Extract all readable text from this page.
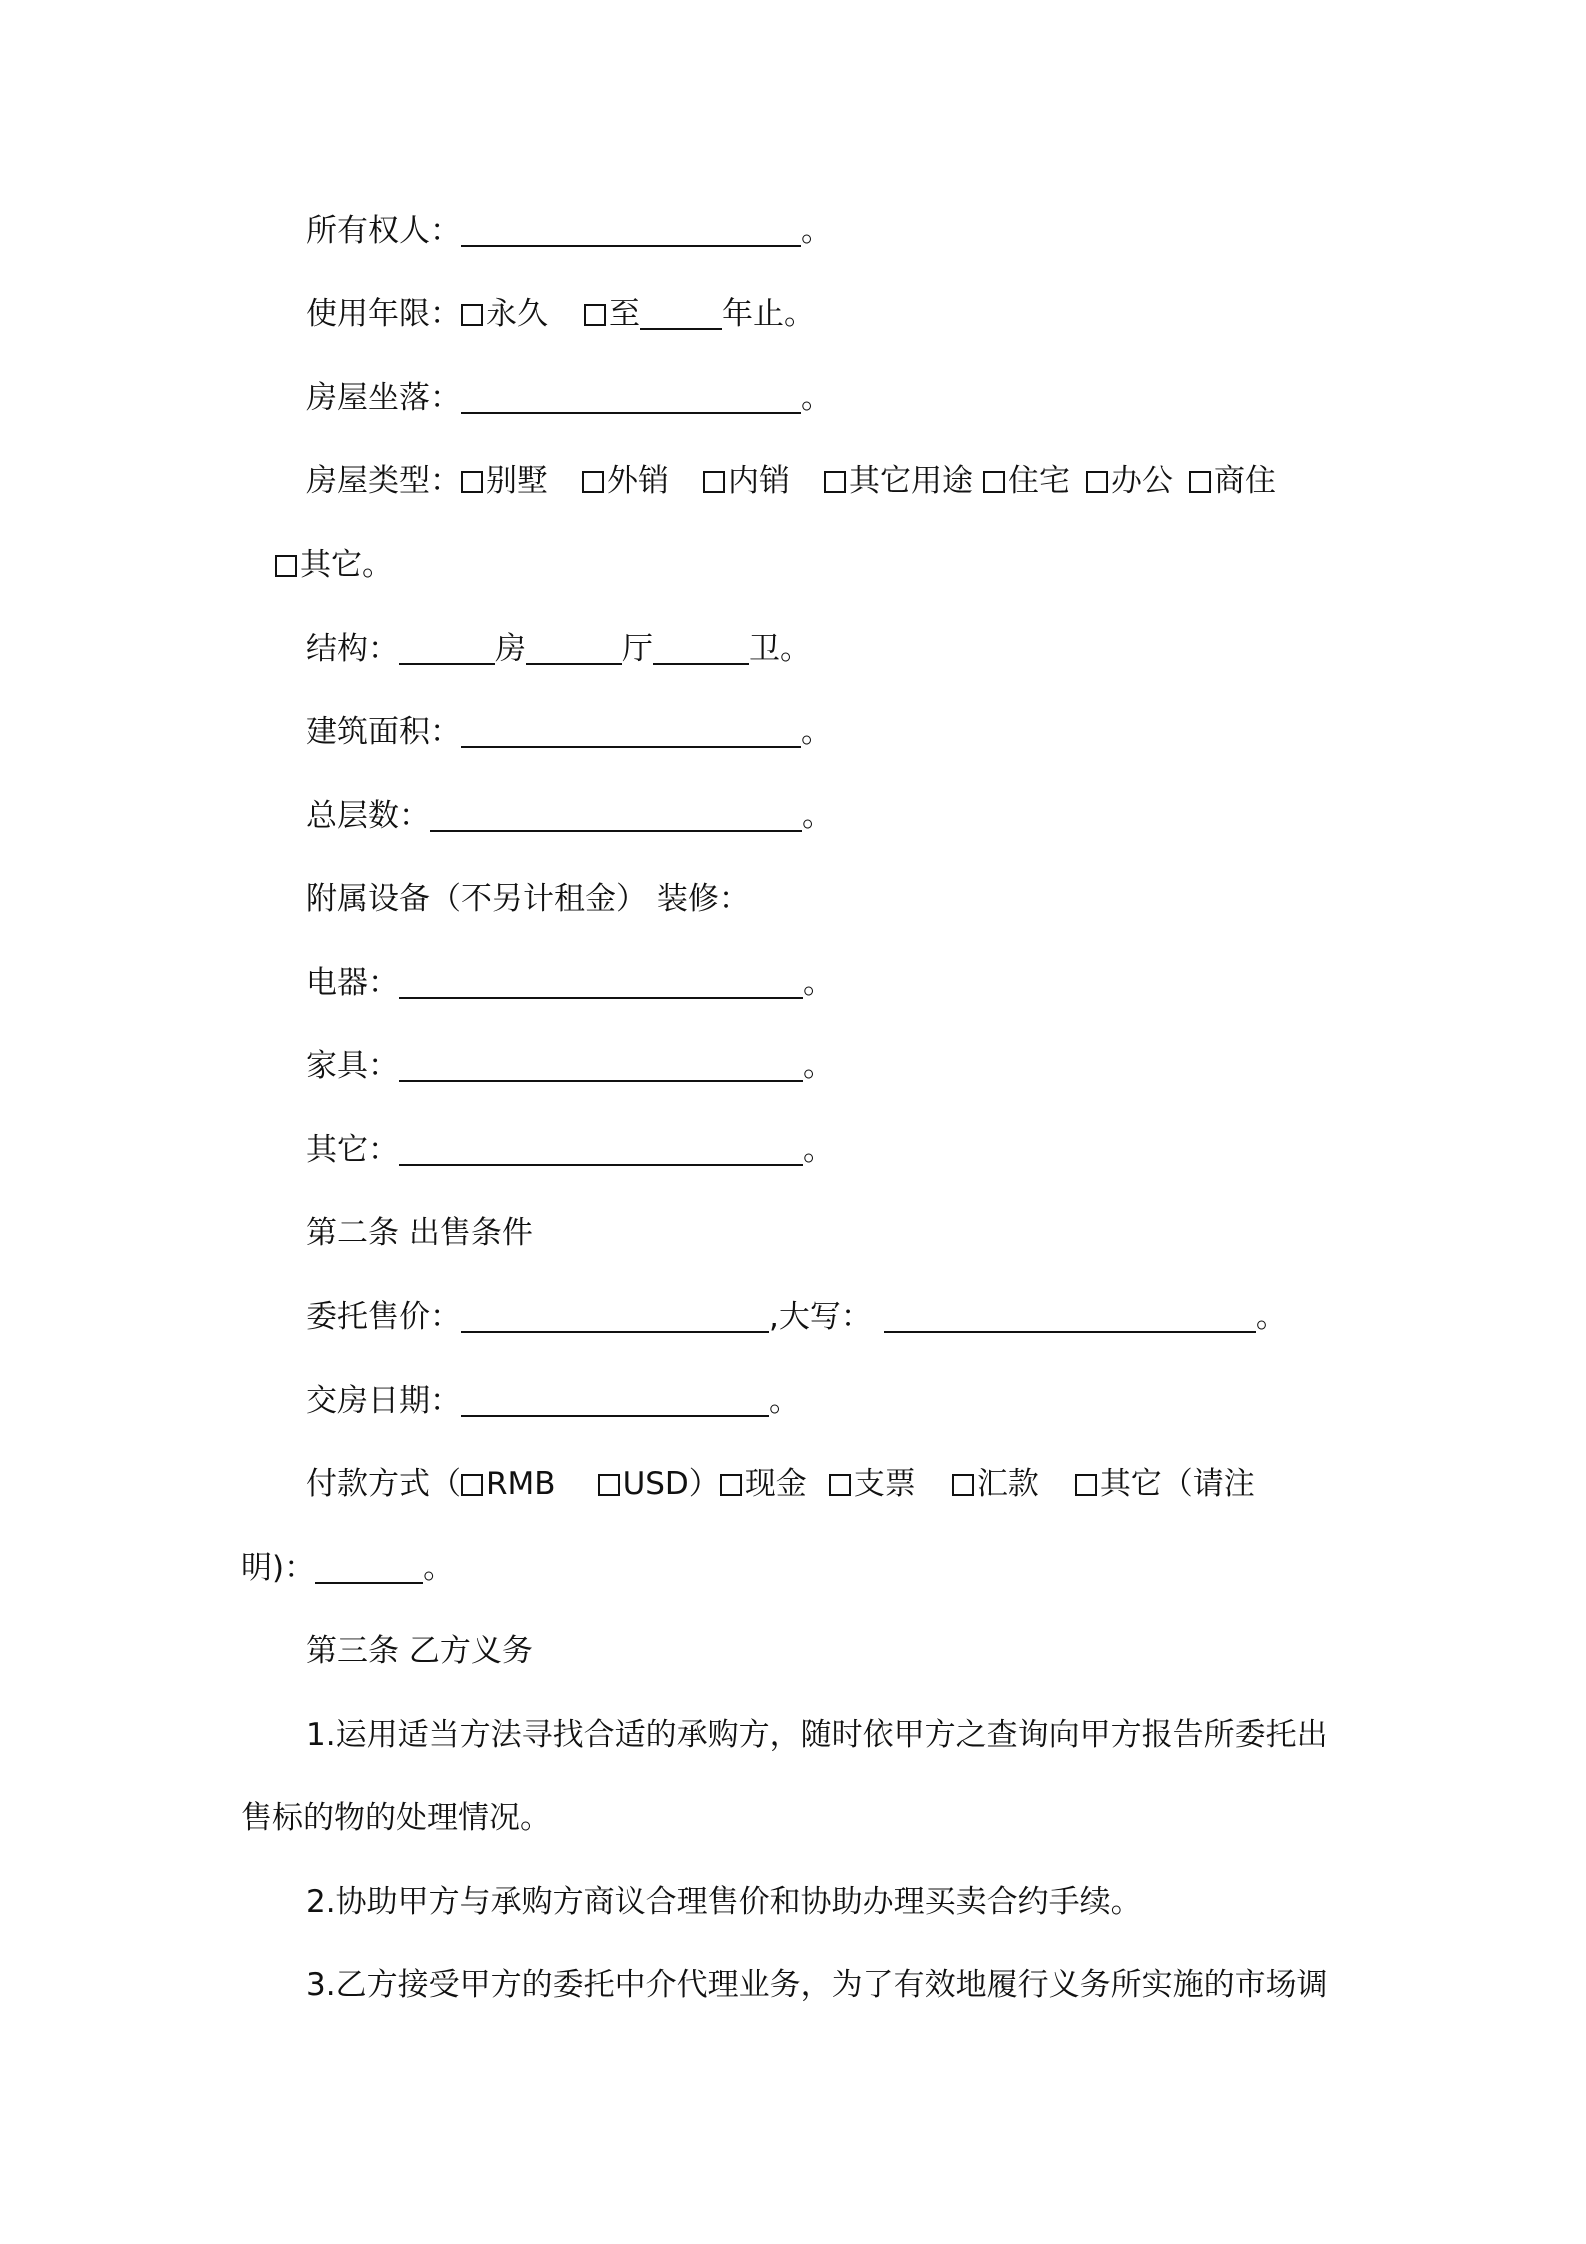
所有权人：	。
使用年限： 永久 至	年止。
房屋坐落：	。
房屋类型： 别墅 外销 内销 其它用途 住宅 办公 商住
其它。
结构：	房	厅	卫。
建筑面积：	。
总层数：	。
附属设备（不另计租金） 装修：
电器：	。
家具：	。
其它：	。
第二条 出售条件
委托售价：	,大写：	。
交房日期：	。
付款方式（ RMB USD） 现金 支票 汇款 其它（请注
明)：	。
第三条 乙方义务
1.运用适当方法寻找合适的承购方，随时依甲方之查询向甲方报告所委托出
售标的物的处理情况。
2.协助甲方与承购方商议合理售价和协助办理买卖合约手续。
3.乙方接受甲方的委托中介代理业务，为了有效地履行义务所实施的市场调
